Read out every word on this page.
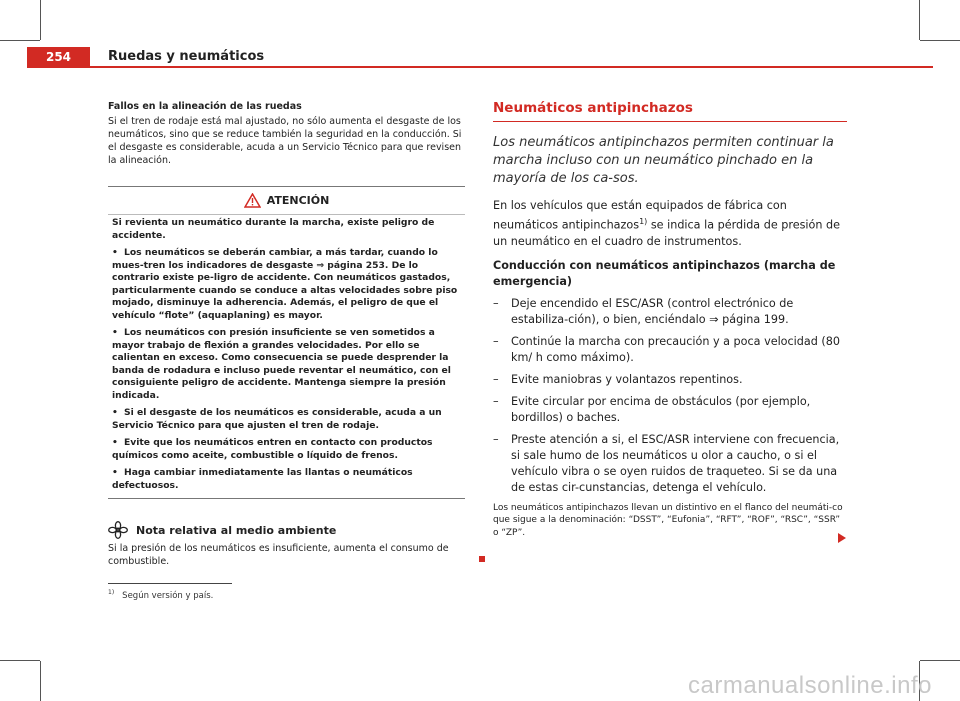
254	Ruedas y neumáticos
Fallos en la alineación de las ruedas
Si el tren de rodaje está mal ajustado, no sólo aumenta el desgaste de los neumáticos, sino que se reduce también la seguridad en la conducción. Si el desgaste es considerable, acuda a un Servicio Técnico para que revisen la alineación.
ATENCIÓN

Si revienta un neumático durante la marcha, existe peligro de accidente.

• Los neumáticos se deberán cambiar, a más tardar, cuando lo mues-tren los indicadores de desgaste ⇒ página 253. De lo contrario existe pe-ligro de accidente. Con neumáticos gastados, particularmente cuando se conduce a altas velocidades sobre piso mojado, disminuye la adherencia. Además, el peligro de que el vehículo “flote” (aquaplaning) es mayor.

• Los neumáticos con presión insuficiente se ven sometidos a mayor trabajo de flexión a grandes velocidades. Por ello se calientan en exceso. Como consecuencia se puede desprender la banda de rodadura e incluso puede reventar el neumático, con el consiguiente peligro de accidente. Mantenga siempre la presión indicada.

• Si el desgaste de los neumáticos es considerable, acuda a un Servicio Técnico para que ajusten el tren de rodaje.

• Evite que los neumáticos entren en contacto con productos químicos como aceite, combustible o líquido de frenos.

• Haga cambiar inmediatamente las llantas o neumáticos defectuosos.

Nota relativa al medio ambiente
Si la presión de los neumáticos es insuficiente, aumenta el consumo de combustible.
Neumáticos antipinchazos
Los neumáticos antipinchazos permiten continuar la marcha incluso con un neumático pinchado en la mayoría de los ca-sos.

En los vehículos que están equipados de fábrica con neumáticos antipinchazos$^{1)}$ se indica la pérdida de presión de un neumático en el cuadro de instrumentos.

Conducción con neumáticos antipinchazos (marcha de emergencia)

–	Deje encendido el ESC/ASR (control electrónico de estabiliza-ción), o bien, enciéndalo ⇒ página 199.
–	Continúe la marcha con precaución y a poca velocidad (80 km/ h como máximo).
–	Evite maniobras y volantazos repentinos.
–	Evite circular por encima de obstáculos (por ejemplo, bordillos) o baches.
–	Preste atención a si, el ESC/ASR interviene con frecuencia, si sale humo de los neumáticos u olor a caucho, o si el vehículo vibra o se oyen ruidos de traqueteo. Si se da una de estas cir-cunstancias, detenga el vehículo.
Los neumáticos antipinchazos llevan un distintivo en el flanco del neumáti-co que sigue a la denominación: “DSST”, “Eufonia”, “RFT”, “ROF”, “RSC”, “SSR” o “ZP”.
$^{1)}$ Según versión y país.
carmanualsonline.info
